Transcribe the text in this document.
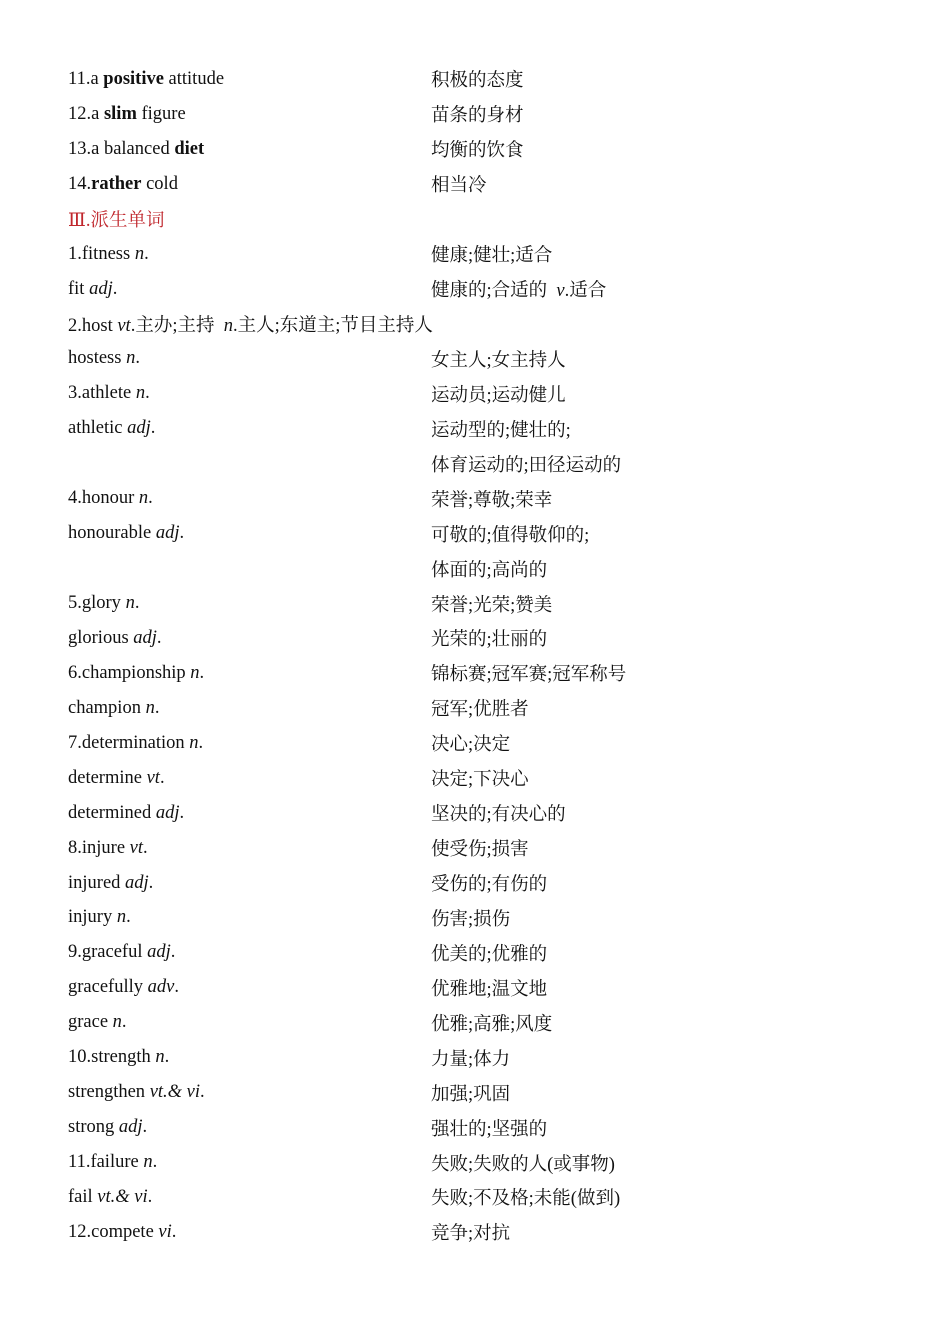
11.a positive attitude	积极的态度
12.a slim figure	苗条的身材
13.a balanced diet	均衡的饮食
14.rather cold	相当冷
Ⅲ.派生单词
1.fitness n.	健康;健壮;适合
fit adj.	健康的;合适的  v.适合
2.host vt.主办;主持  n.主人;东道主;节目主持人
hostess n.	女主人;女主持人
3.athlete n.	运动员;运动健儿
athletic adj.	运动型的;健壮的;
体育运动的;田径运动的
4.honour n.	荣誉;尊敬;荣幸
honourable adj.	可敬的;值得敬仰的;
体面的;高尚的
5.glory n.	荣誉;光荣;赞美
glorious adj.	光荣的;壮丽的
6.championship n.	锦标赛;冠军赛;冠军称号
champion n.	冠军;优胜者
7.determination n.	决心;决定
determine vt.	决定;下决心
determined adj.	坚决的;有决心的
8.injure vt.	使受伤;损害
injured adj.	受伤的;有伤的
injury n.	伤害;损伤
9.graceful adj.	优美的;优雅的
gracefully adv.	优雅地;温文地
grace n.	优雅;高雅;风度
10.strength n.	力量;体力
strengthen vt.& vi.	加强;巩固
strong adj.	强壮的;坚强的
11.failure n.	失败;失败的人(或事物)
fail vt.& vi.	失败;不及格;未能(做到)
12.compete vi.	竞争;对抗
